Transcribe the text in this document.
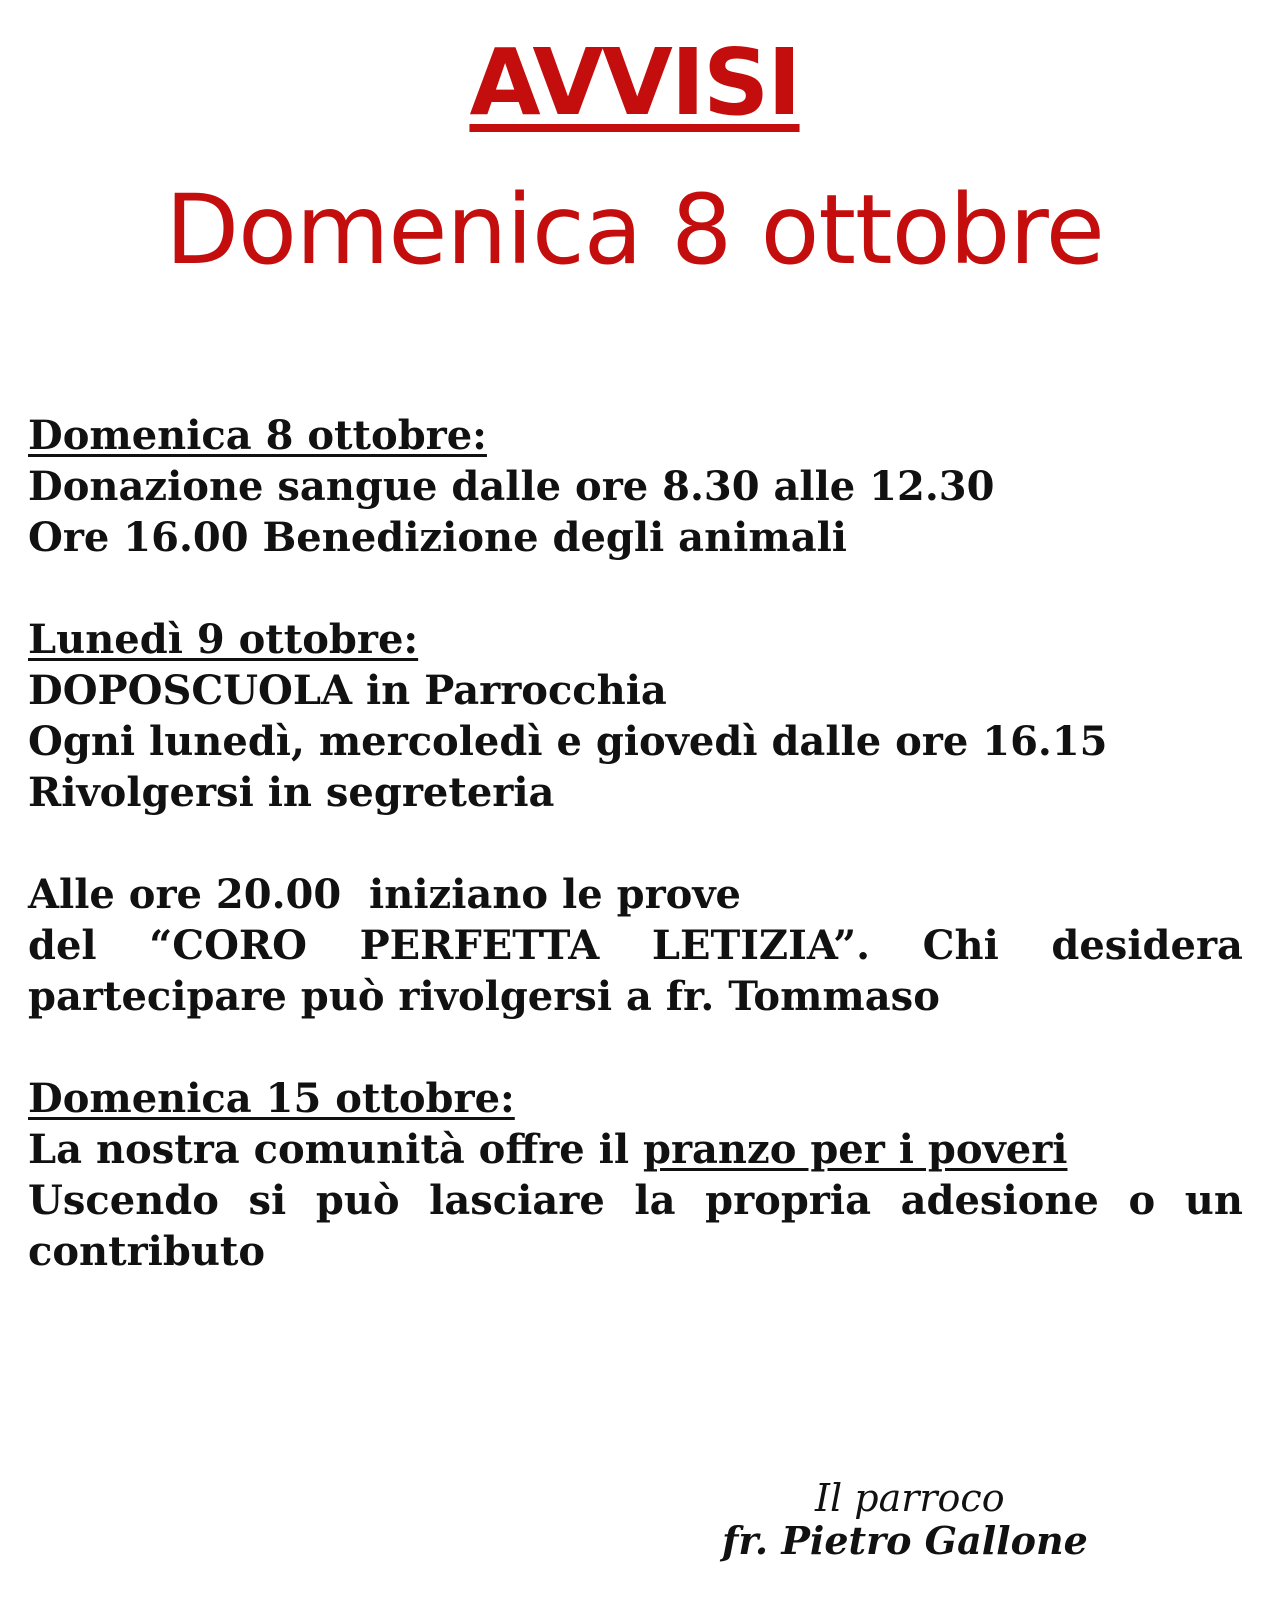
AVVISI
Domenica 8 ottobre
Domenica 8 ottobre:
Donazione sangue dalle ore 8.30 alle 12.30
Ore 16.00 Benedizione degli animali
Lunedì 9 ottobre:
DOPOSCUOLA in Parrocchia
Ogni lunedì, mercoledì e giovedì dalle ore 16.15
Rivolgersi in segreteria
Alle ore 20.00  iniziano le prove
del “CORO PERFETTA LETIZIA”. Chi desidera
partecipare può rivolgersi a fr. Tommaso
Domenica 15 ottobre:
La nostra comunità offre il pranzo per i poveri
Uscendo si può lasciare la propria adesione o un
contributo
Il parroco
fr. Pietro Gallone
